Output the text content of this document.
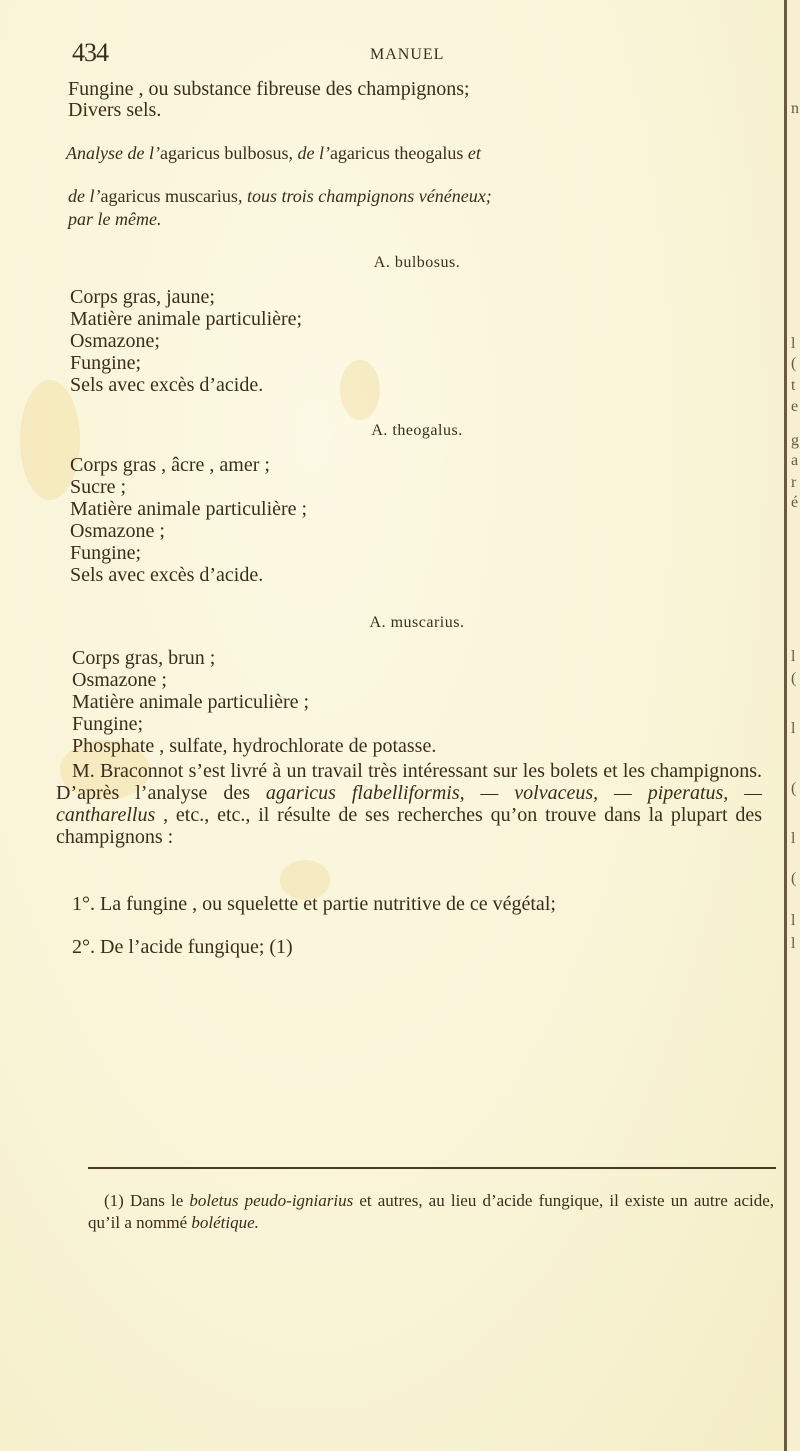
434	MANUEL
Fungine , ou substance fibreuse des champignons;
Divers sels.
Analyse de l’agaricus bulbosus, de l’agaricus theogalus et
de l’agaricus muscarius, tous trois champignons vénéneux;
par le même.
A. bulbosus.
Corps gras, jaune;
Matière animale particulière;
Osmazone;
Fungine;
Sels avec excès d’acide.
A. theogalus.
Corps gras , âcre , amer ;
Sucre ;
Matière animale particulière ;
Osmazone ;
Fungine;
Sels avec excès d’acide.
A. muscarius.
Corps gras, brun ;
Osmazone ;
Matière animale particulière ;
Fungine;
Phosphate , sulfate, hydrochlorate de potasse.
M. Braconnot s’est livré à un travail très intéressant sur les bolets et les champignons. D’après l’analyse des agaricus flabelliformis, — volvaceus, — piperatus, — cantharellus , etc., etc., il résulte de ses recherches qu’on trouve dans la plupart des champignons :
1°. La fungine , ou squelette et partie nutritive de ce végétal;
2°. De l’acide fungique; (1)
(1) Dans le boletus peudo-igniarius et autres, au lieu d’acide fungique, il existe un autre acide, qu’il a nommé bolétique.
n
l
(
t
e
g
a
r
é
l
(
l
(
l
(
l
l
